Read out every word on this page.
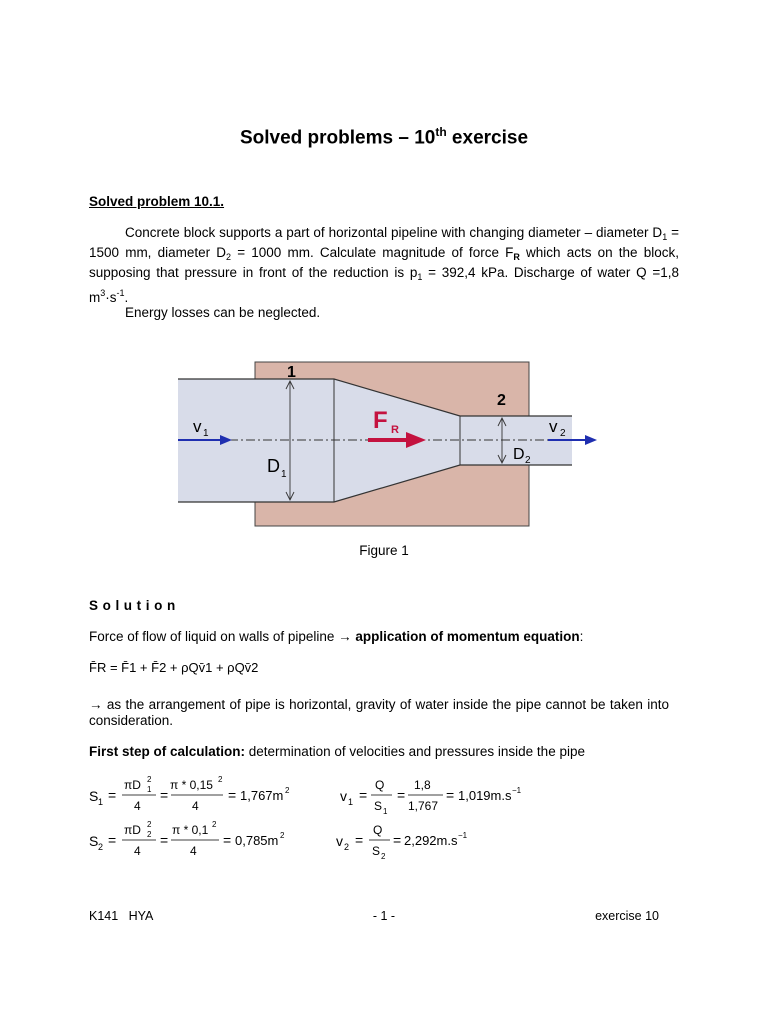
Solved problems – 10th exercise
Solved problem 10.1.

Concrete block supports a part of horizontal pipeline with changing diameter – diameter $D_1 = 1500$ mm, diameter $D_2 = 1000$ mm. Calculate magnitude of force $F_R$ which acts on the block, supposing that pressure in front of the reduction is $p_1 = 392,4$ kPa. Discharge of water Q =1,8 $m^3\cdot s^{-1}$.

Energy losses can be neglected.
1
2
F R
v 1	v 2
D 1
D 2
Figure 1
Solution
Force of flow of liquid on walls of pipeline → application of momentum equation:
F̄R = F̄1 + F̄2 + ρQv̄1 + ρQv̄2
→ as the arrangement of pipe is horizontal, gravity of water inside the pipe cannot be taken into consideration.
First step of calculation: determination of velocities and pressures inside the pipe
S 1 =
πD 2
1
4
=
π * 0,15 2
4
= 1,767m 2	v 1 =
Q
S 1
=
1,8
1,767
= 1,019m.s −1
S 2 =
πD 2
2
4
=
π * 0,1 2
4
= 0,785m 2	v 2 =
Q
S 2
= 2,292m.s −1
K141   HYA	- 1 -	exercise 10
